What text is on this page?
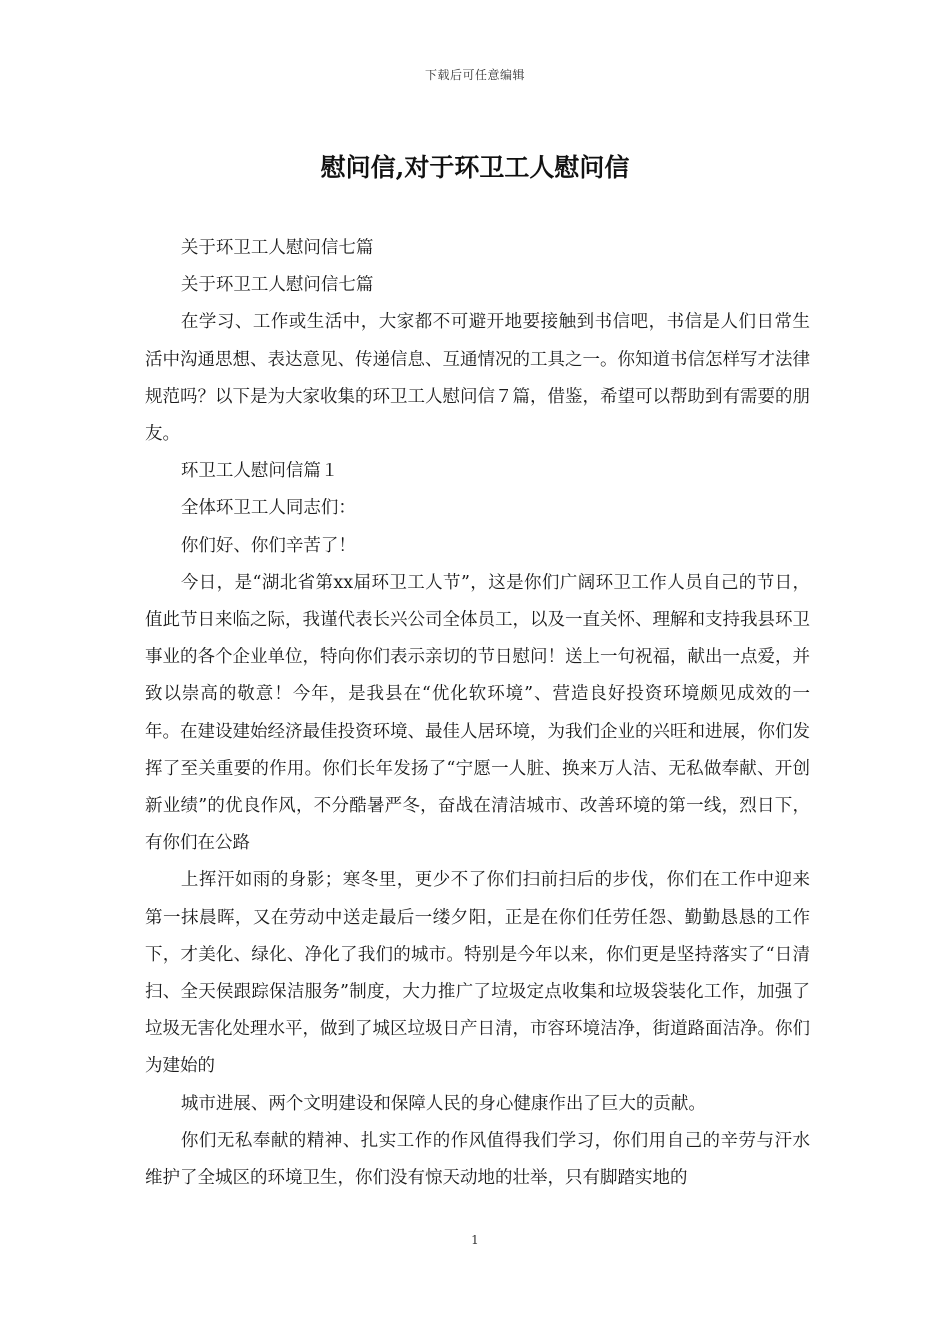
下载后可任意编辑
慰问信,对于环卫工人慰问信

关于环卫工人慰问信七篇

关于环卫工人慰问信七篇

在学习、工作或生活中，大家都不可避开地要接触到书信吧，书信是人们日常生活中沟通思想、表达意见、传递信息、互通情况的工具之一。你知道书信怎样写才法律规范吗？以下是为大家收集的环卫工人慰问信７篇，借鉴，希望可以帮助到有需要的朋友。

环卫工人慰问信篇１

全体环卫工人同志们：

你们好、你们辛苦了！

今日，是“湖北省第xx届环卫工人节”，这是你们广阔环卫工作人员自己的节日，值此节日来临之际，我谨代表长兴公司全体员工，以及一直关怀、理解和支持我县环卫事业的各个企业单位，特向你们表示亲切的节日慰问！送上一句祝福，献出一点爱，并致以崇高的敬意！今年，是我县在“优化软环境”、营造良好投资环境颇见成效的一年。在建设建始经济最佳投资环境、最佳人居环境，为我们企业的兴旺和进展，你们发挥了至关重要的作用。你们长年发扬了“宁愿一人脏、换来万人洁、无私做奉献、开创新业绩”的优良作风，不分酷暑严冬，奋战在清洁城市、改善环境的第一线，烈日下，有你们在公路

上挥汗如雨的身影；寒冬里，更少不了你们扫前扫后的步伐，你们在工作中迎来第一抹晨晖，又在劳动中送走最后一缕夕阳，正是在你们任劳任怨、勤勤恳恳的工作下，才美化、绿化、净化了我们的城市。特别是今年以来，你们更是坚持落实了“日清扫、全天侯跟踪保洁服务”制度，大力推广了垃圾定点收集和垃圾袋装化工作，加强了垃圾无害化处理水平，做到了城区垃圾日产日清，市容环境洁净，街道路面洁净。你们为建始的

城市进展、两个文明建设和保障人民的身心健康作出了巨大的贡献。

你们无私奉献的精神、扎实工作的作风值得我们学习，你们用自己的辛劳与汗水维护了全城区的环境卫生，你们没有惊天动地的壮举，只有脚踏实地的

1
